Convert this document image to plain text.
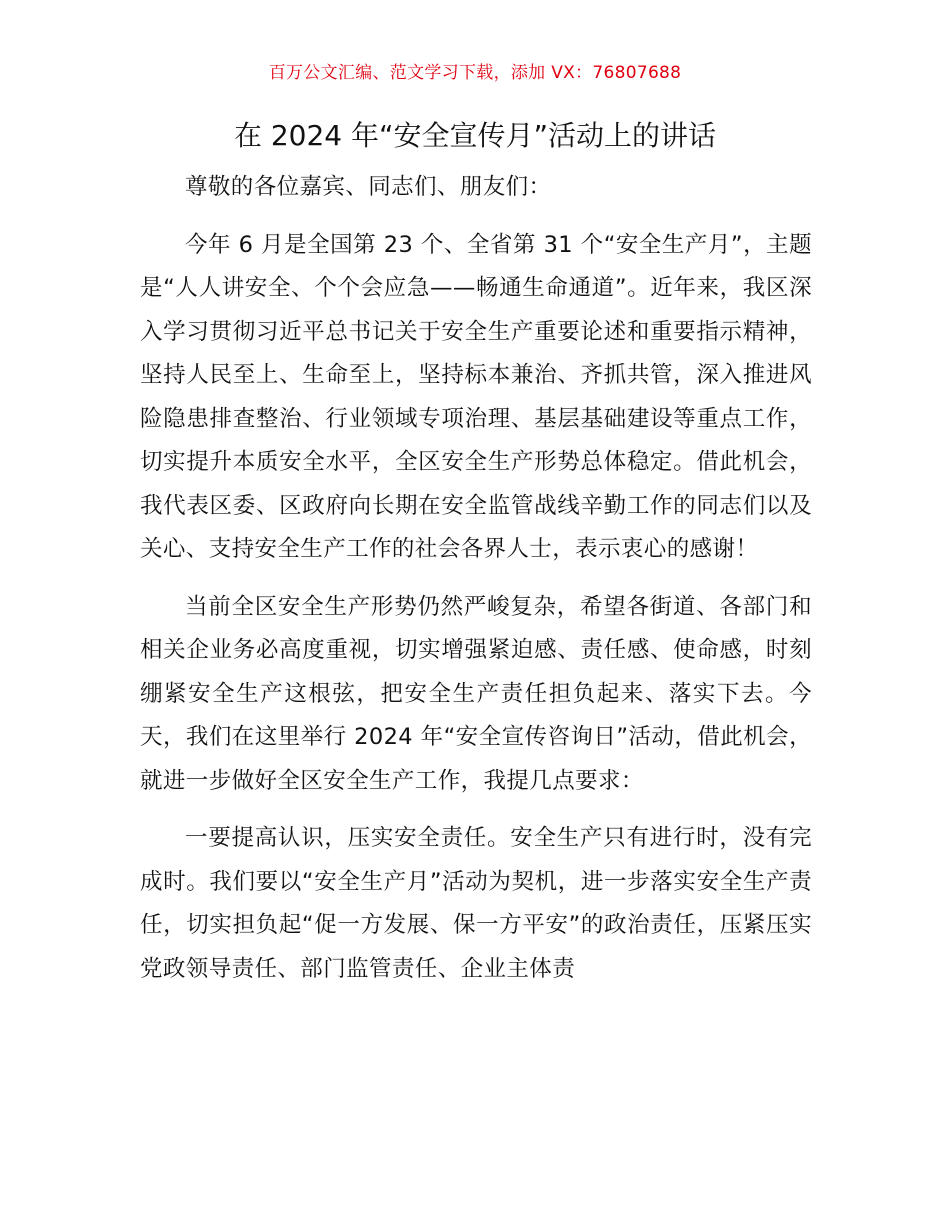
百万公文汇编、范文学习下载，添加 VX：76807688
在 2024 年“安全宣传月”活动上的讲话

尊敬的各位嘉宾、同志们、朋友们：

今年 6 月是全国第 23 个、全省第 31 个“安全生产月”，主题是“人人讲安全、个个会应急——畅通生命通道”。近年来，我区深入学习贯彻习近平总书记关于安全生产重要论述和重要指示精神，坚持人民至上、生命至上，坚持标本兼治、齐抓共管，深入推进风险隐患排查整治、行业领域专项治理、基层基础建设等重点工作，切实提升本质安全水平，全区安全生产形势总体稳定。借此机会，我代表区委、区政府向长期在安全监管战线辛勤工作的同志们以及关心、支持安全生产工作的社会各界人士，表示衷心的感谢！

当前全区安全生产形势仍然严峻复杂，希望各街道、各部门和相关企业务必高度重视，切实增强紧迫感、责任感、使命感，时刻绷紧安全生产这根弦，把安全生产责任担负起来、落实下去。今天，我们在这里举行 2024 年“安全宣传咨询日”活动，借此机会，就进一步做好全区安全生产工作，我提几点要求：

一要提高认识，压实安全责任。安全生产只有进行时，没有完成时。我们要以“安全生产月”活动为契机，进一步落实安全生产责任，切实担负起“促一方发展、保一方平安”的政治责任，压紧压实党政领导责任、部门监管责任、企业主体责
